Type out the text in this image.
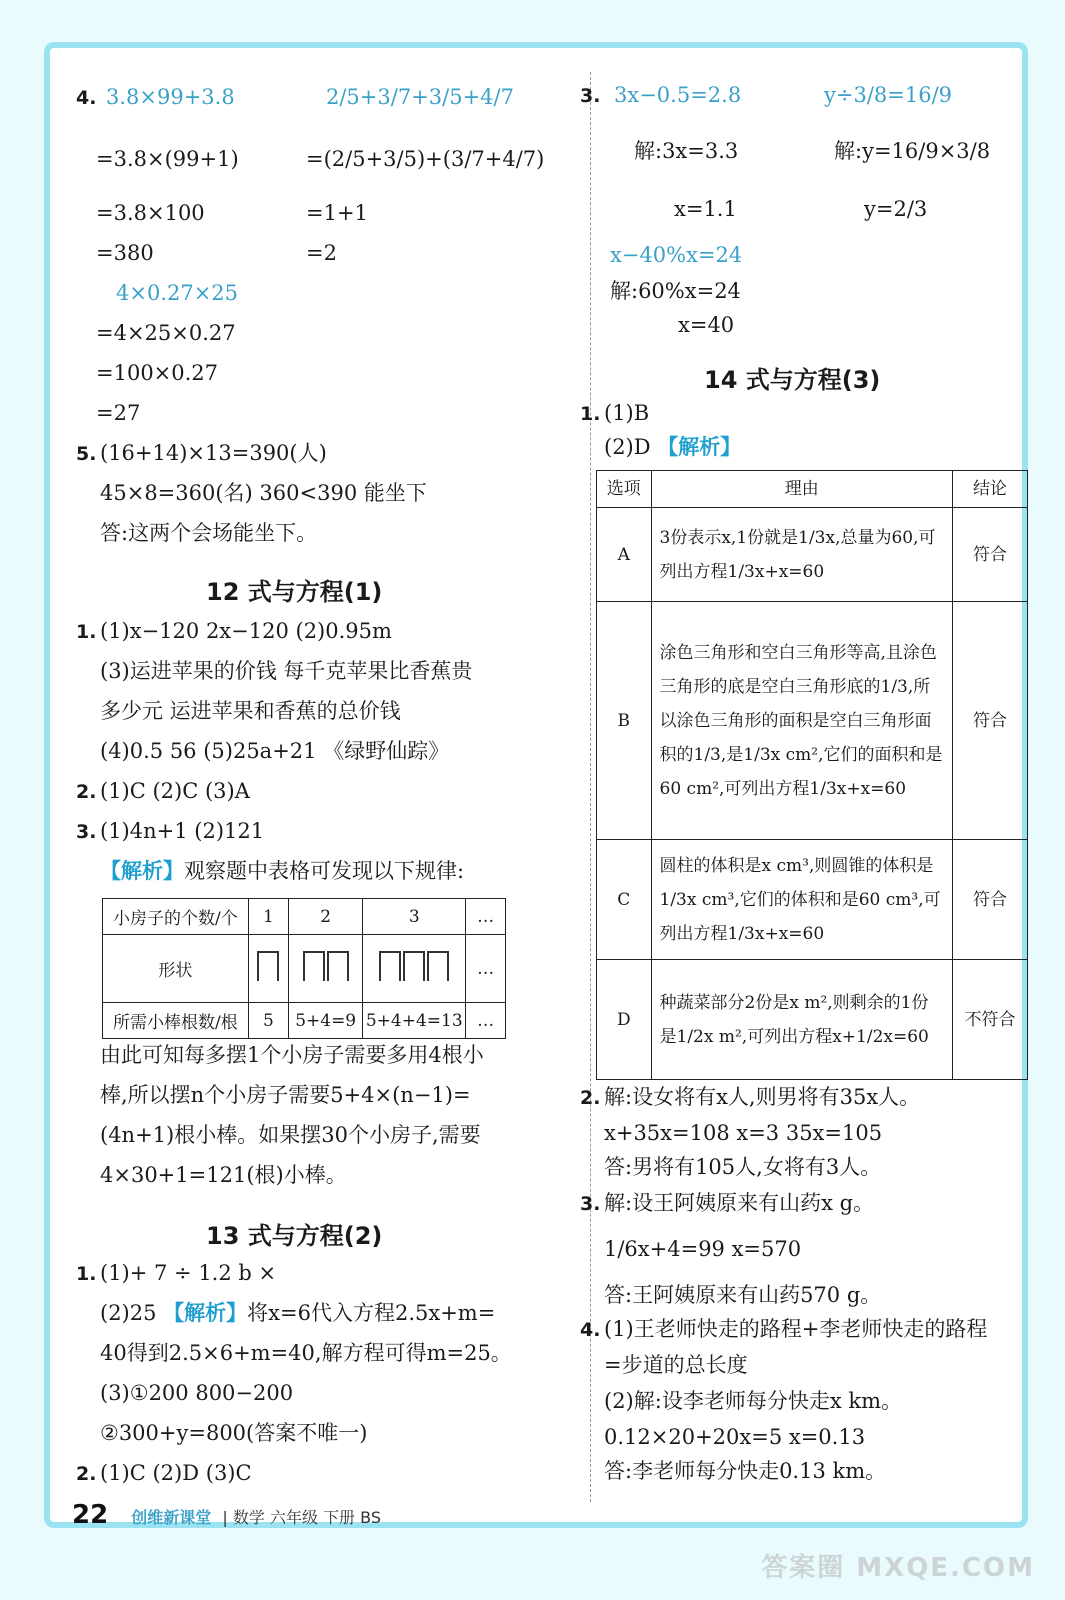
4. 3.8×99+3.8	2/5+3/7+3/5+4/7
=3.8×(99+1)	=(2/5+3/5)+(3/7+4/7)
=3.8×100	=1+1
=380	=2
4×0.27×25
=4×25×0.27
=100×0.27
=27
5. (16+14)×13=390(人)
45×8=360(名) 360<390 能坐下
答:这两个会场能坐下。
12 式与方程(1)
1. (1)x−120 2x−120 (2)0.95m
(3)运进苹果的价钱 每千克苹果比香蕉贵
多少元 运进苹果和香蕉的总价钱
(4)0.5 56 (5)25a+21 《绿野仙踪》
2. (1)C (2)C (3)A
3. (1)4n+1 (2)121
【解析】观察题中表格可发现以下规律:
小房子的个数/个	1	2	3	…
形状				…
所需小棒根数/根	5	5+4=9	5+4+4=13	…
由此可知每多摆1个小房子需要多用4根小
棒,所以摆n个小房子需要5+4×(n−1)=
(4n+1)根小棒。如果摆30个小房子,需要
4×30+1=121(根)小棒。
13 式与方程(2)
1. (1)+ 7 ÷ 1.2 b ×
(2)25 【解析】将x=6代入方程2.5x+m=
40得到2.5×6+m=40,解方程可得m=25。
(3)①200 800−200
②300+y=800(答案不唯一)
2. (1)C (2)D (3)C
3. 3x−0.5=2.8	y÷3/8=16/9
解:3x=3.3	解:y=16/9×3/8
x=1.1	y=2/3
x−40%x=24
解:60%x=24
x=40
14 式与方程(3)
1. (1)B
(2)D 【解析】
选项	理由	结论
A	3份表示x,1份就是1/3x,总量为60,可列出方程1/3x+x=60	符合
B	涂色三角形和空白三角形等高,且涂色三角形的底是空白三角形底的1/3,所以涂色三角形的面积是空白三角形面积的1/3,是1/3x cm²,它们的面积和是60 cm²,可列出方程1/3x+x=60	符合
C	圆柱的体积是x cm³,则圆锥的体积是1/3x cm³,它们的体积和是60 cm³,可列出方程1/3x+x=60	符合
D	种蔬菜部分2份是x m²,则剩余的1份是1/2x m²,可列出方程x+1/2x=60	不符合
2. 解:设女将有x人,则男将有35x人。
x+35x=108 x=3 35x=105
答:男将有105人,女将有3人。
3. 解:设王阿姨原来有山药x g。
1/6x+4=99 x=570
答:王阿姨原来有山药570 g。
4. (1)王老师快走的路程+李老师快走的路程
=步道的总长度
(2)解:设李老师每分快走x km。
0.12×20+20x=5 x=0.13
答:李老师每分快走0.13 km。
22 创维新课堂 | 数学 六年级 下册 BS
答案圈 MXQE.COM
